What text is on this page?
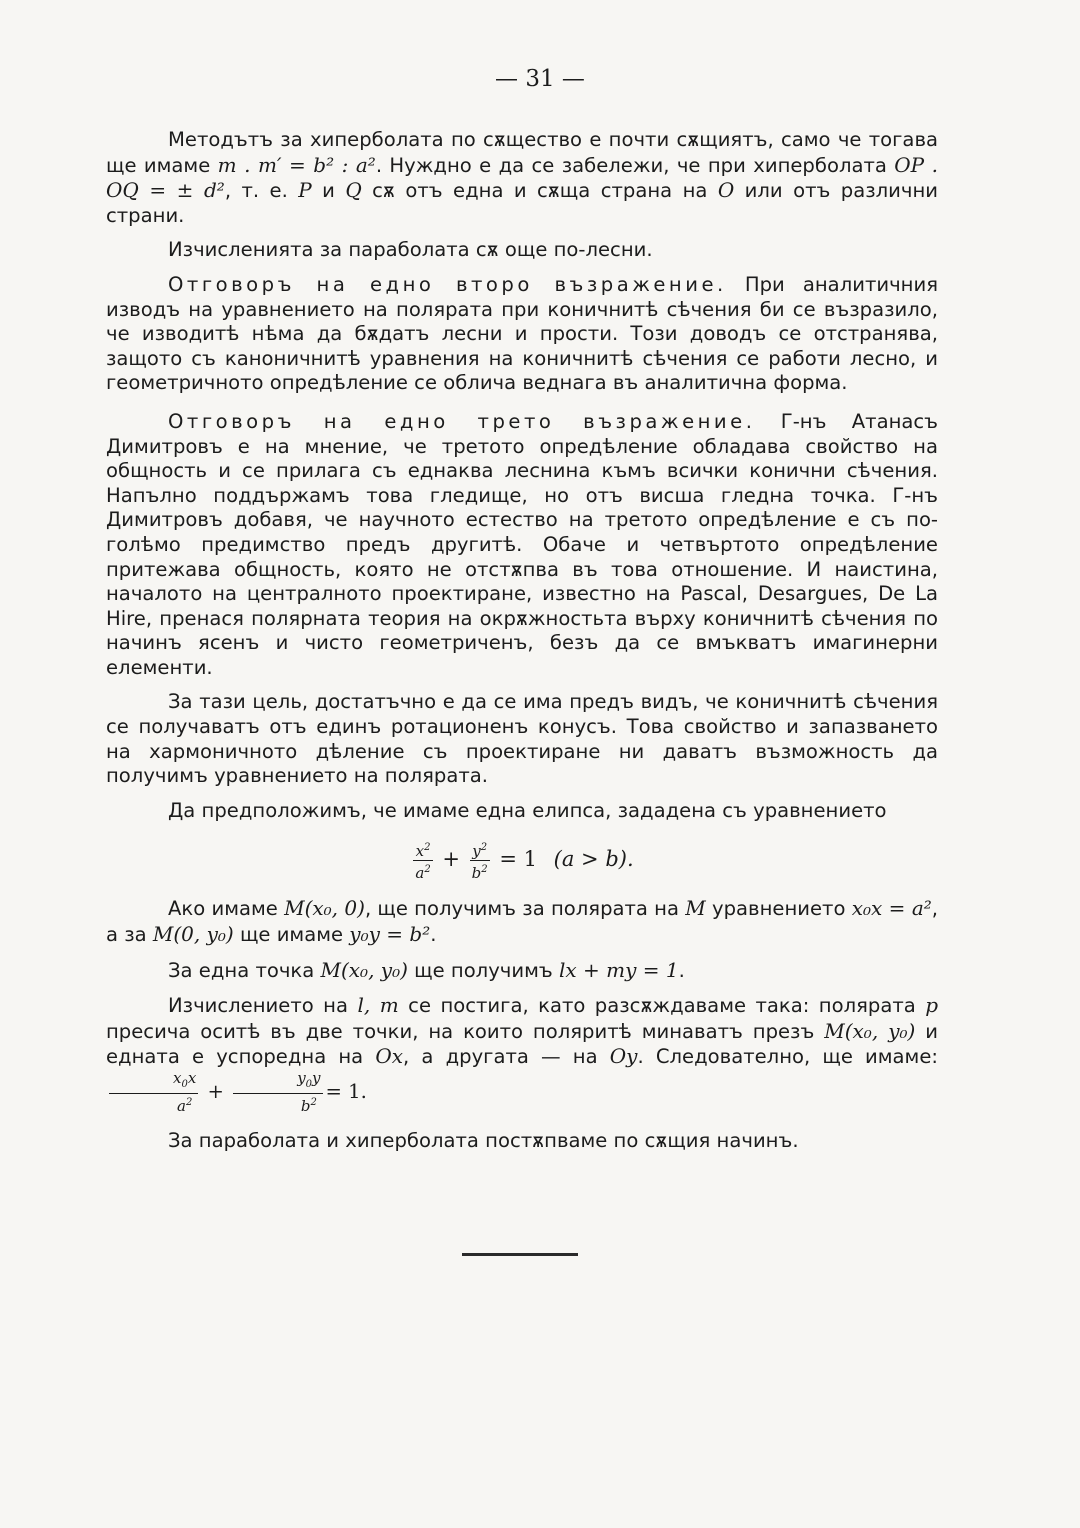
— 31 —

Методътъ за хиперболата по сѫщество е почти сѫщиятъ, само че тогава ще имаме m . m′ = b² : a². Нуждно е да се забележи, че при хиперболата OP . OQ = ± d², т. е. P и Q сѫ отъ една и сѫща страна на O или отъ различни страни.

Изчисленията за параболата сѫ още по-лесни.

Отговоръ на едно второ възражение. При аналитичния изводъ на уравнението на полярата при коничнитѣ сѣчения би се възразило, че изводитѣ нѣма да бѫдатъ лесни и прости. Този доводъ се отстранява, защото съ каноничнитѣ уравнения на коничнитѣ сѣчения се работи лесно, и геометричното опредѣление се облича веднага въ аналитична форма.

Отговоръ на едно трето възражение. Г-нъ Атанасъ Димитровъ е на мнение, че третото опредѣление обладава свойство на общность и се прилага съ еднаква леснина къмъ всички конични сѣчения. Напълно поддържамъ това гледище, но отъ висша гледна точка. Г-нъ Димитровъ добавя, че научното естество на третото опредѣление е съ по-голѣмо предимство предъ другитѣ. Обаче и четвъртото опредѣление притежава общность, която не отстѫпва въ това отношение. И наистина, началото на централното проектиране, известно на Pascal, Desargues, De La Hire, пренася полярната теория на окрѫжностьта върху коничнитѣ сѣчения по начинъ ясенъ и чисто геометриченъ, безъ да се вмъкватъ имагинерни елементи.

За тази цель, достатъчно е да се има предъ видъ, че коничнитѣ сѣчения се получаватъ отъ единъ ротационенъ конусъ. Това свойство и запазването на хармоничното дѣление съ проектиране ни даватъ възможность да получимъ уравнението на полярата.

Да предположимъ, че имаме една елипса, зададена съ уравнението

$\frac{x^2}{a^2} + \frac{y^2}{b^2} = 1$ (a > b).

Ако имаме M(x₀, 0), ще получимъ за полярата на M уравнението x₀x = a², а за M(0, y₀) ще имаме y₀y = b².

За една точка M(x₀, y₀) ще получимъ lx + my = 1.

Изчислението на l, m се постига, като разсѫждаваме така: полярата p пресича оситѣ въ две точки, на които поляритѣ минаватъ презъ M(x₀, y₀) и едната е успоредна на Ox, а другата — на Oy. Следователно, ще имаме:
$\frac{x_0x}{a^2} + \frac{y_0y}{b^2} = 1$.

За параболата и хиперболата постѫпваме по сѫщия начинъ.
